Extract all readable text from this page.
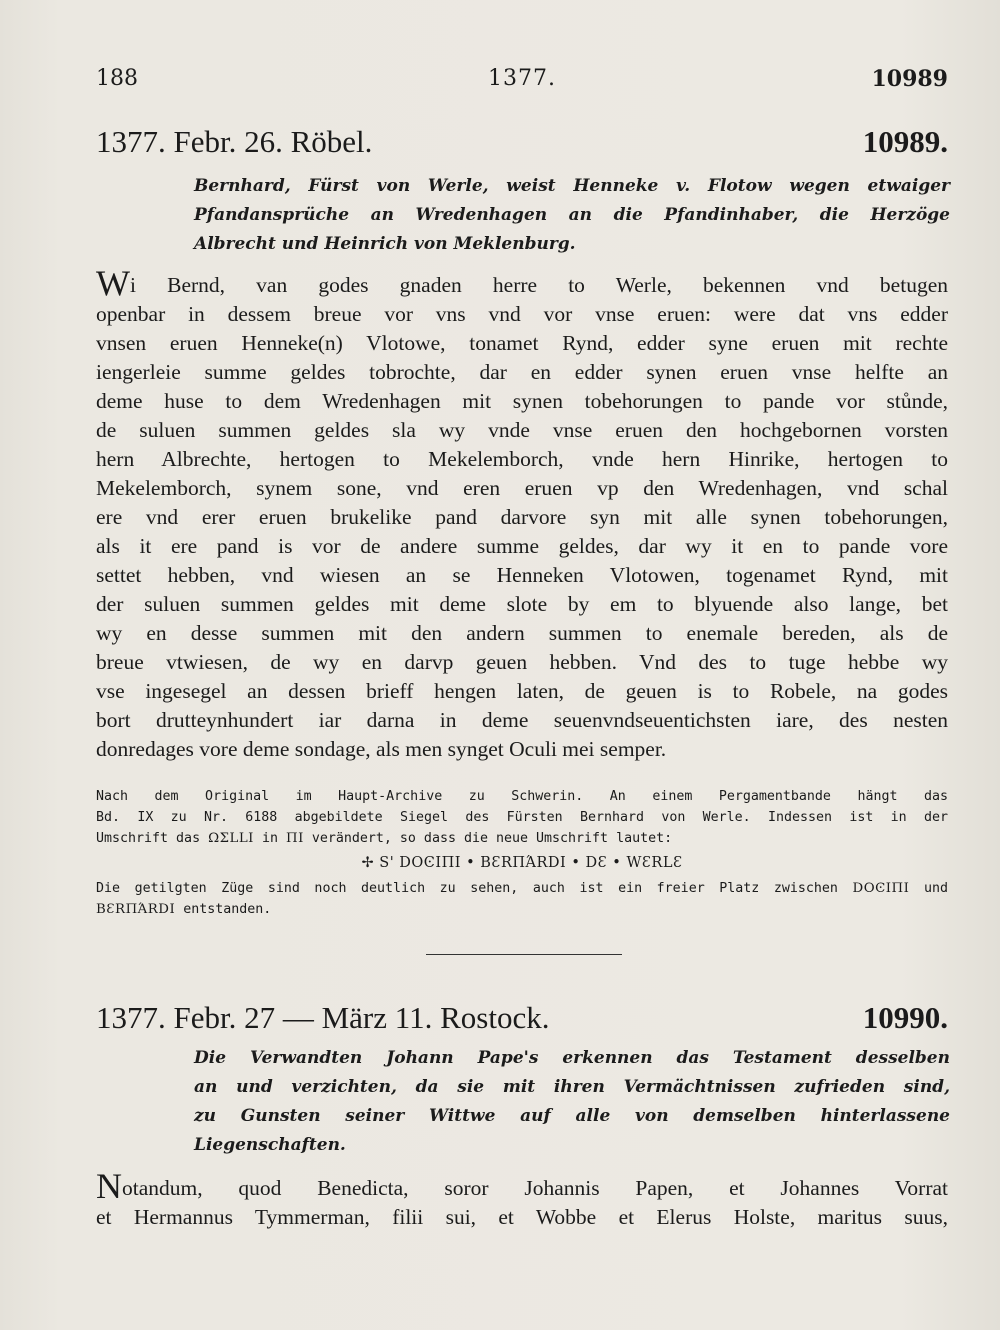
188	1377.	10989
1377. Febr. 26. Röbel.	10989.
Bernhard, Fürst von Werle, weist Henneke v. Flotow wegen etwaiger
Pfandansprüche an Wredenhagen an die Pfandinhaber, die Herzöge
Albrecht und Heinrich von Meklenburg.
Wi Bernd, van godes gnaden herre to Werle, bekennen vnd betugen
openbar in dessem breue vor vns vnd vor vnse eruen: were dat vns edder
vnsen eruen Henneke(n) Vlotowe, tonamet Rynd, edder syne eruen mit rechte
iengerleie summe geldes tobrochte, dar en edder synen eruen vnse helfte an
deme huse to dem Wredenhagen mit synen tobehorungen to pande vor stůnde,
de suluen summen geldes sla wy vnde vnse eruen den hochgebornen vorsten
hern Albrechte, hertogen to Mekelemborch, vnde hern Hinrike, hertogen to
Mekelemborch, synem sone, vnd eren eruen vp den Wredenhagen, vnd schal
ere vnd erer eruen brukelike pand darvore syn mit alle synen tobehorungen,
als it ere pand is vor de andere summe geldes, dar wy it en to pande vore
settet hebben, vnd wiesen an se Henneken Vlotowen, togenamet Rynd, mit
der suluen summen geldes mit deme slote by em to blyuende also lange, bet
wy en desse summen mit den andern summen to enemale bereden, als de
breue vtwiesen, de wy en darvp geuen hebben. Vnd des to tuge hebbe wy
vse ingesegel an dessen brieff hengen laten, de geuen is to Robele, na godes
bort drutteynhundert iar darna in deme seuenvndseuentichsten iare, des nesten
donredages vore deme sondage, als men synget Oculi mei semper.
Nach dem Original im Haupt-Archive zu Schwerin. An einem Pergamentbande hängt das
Bd. IX zu Nr. 6188 abgebildete Siegel des Fürsten Bernhard von Werle. Indessen ist in der
Umschrift das ΩΣLLI in ΠI verändert, so dass die neue Umschrift lautet:
✢ S' DOϾIΠI • BƐRΠΆRDI • DƐ • WƐRLƐ
Die getilgten Züge sind noch deutlich zu sehen, auch ist ein freier Platz zwischen DOϾIΠI und
BƐRΠΆRDI entstanden.
1377. Febr. 27 — März 11. Rostock.	10990.
Die Verwandten Johann Pape's erkennen das Testament desselben
an und verzichten, da sie mit ihren Vermächtnissen zufrieden sind,
zu Gunsten seiner Wittwe auf alle von demselben hinterlassene
Liegenschaften.
Notandum, quod Benedicta, soror Johannis Papen, et Johannes Vorrat
et Hermannus Tymmerman, filii sui, et Wobbe et Elerus Holste, maritus suus,
